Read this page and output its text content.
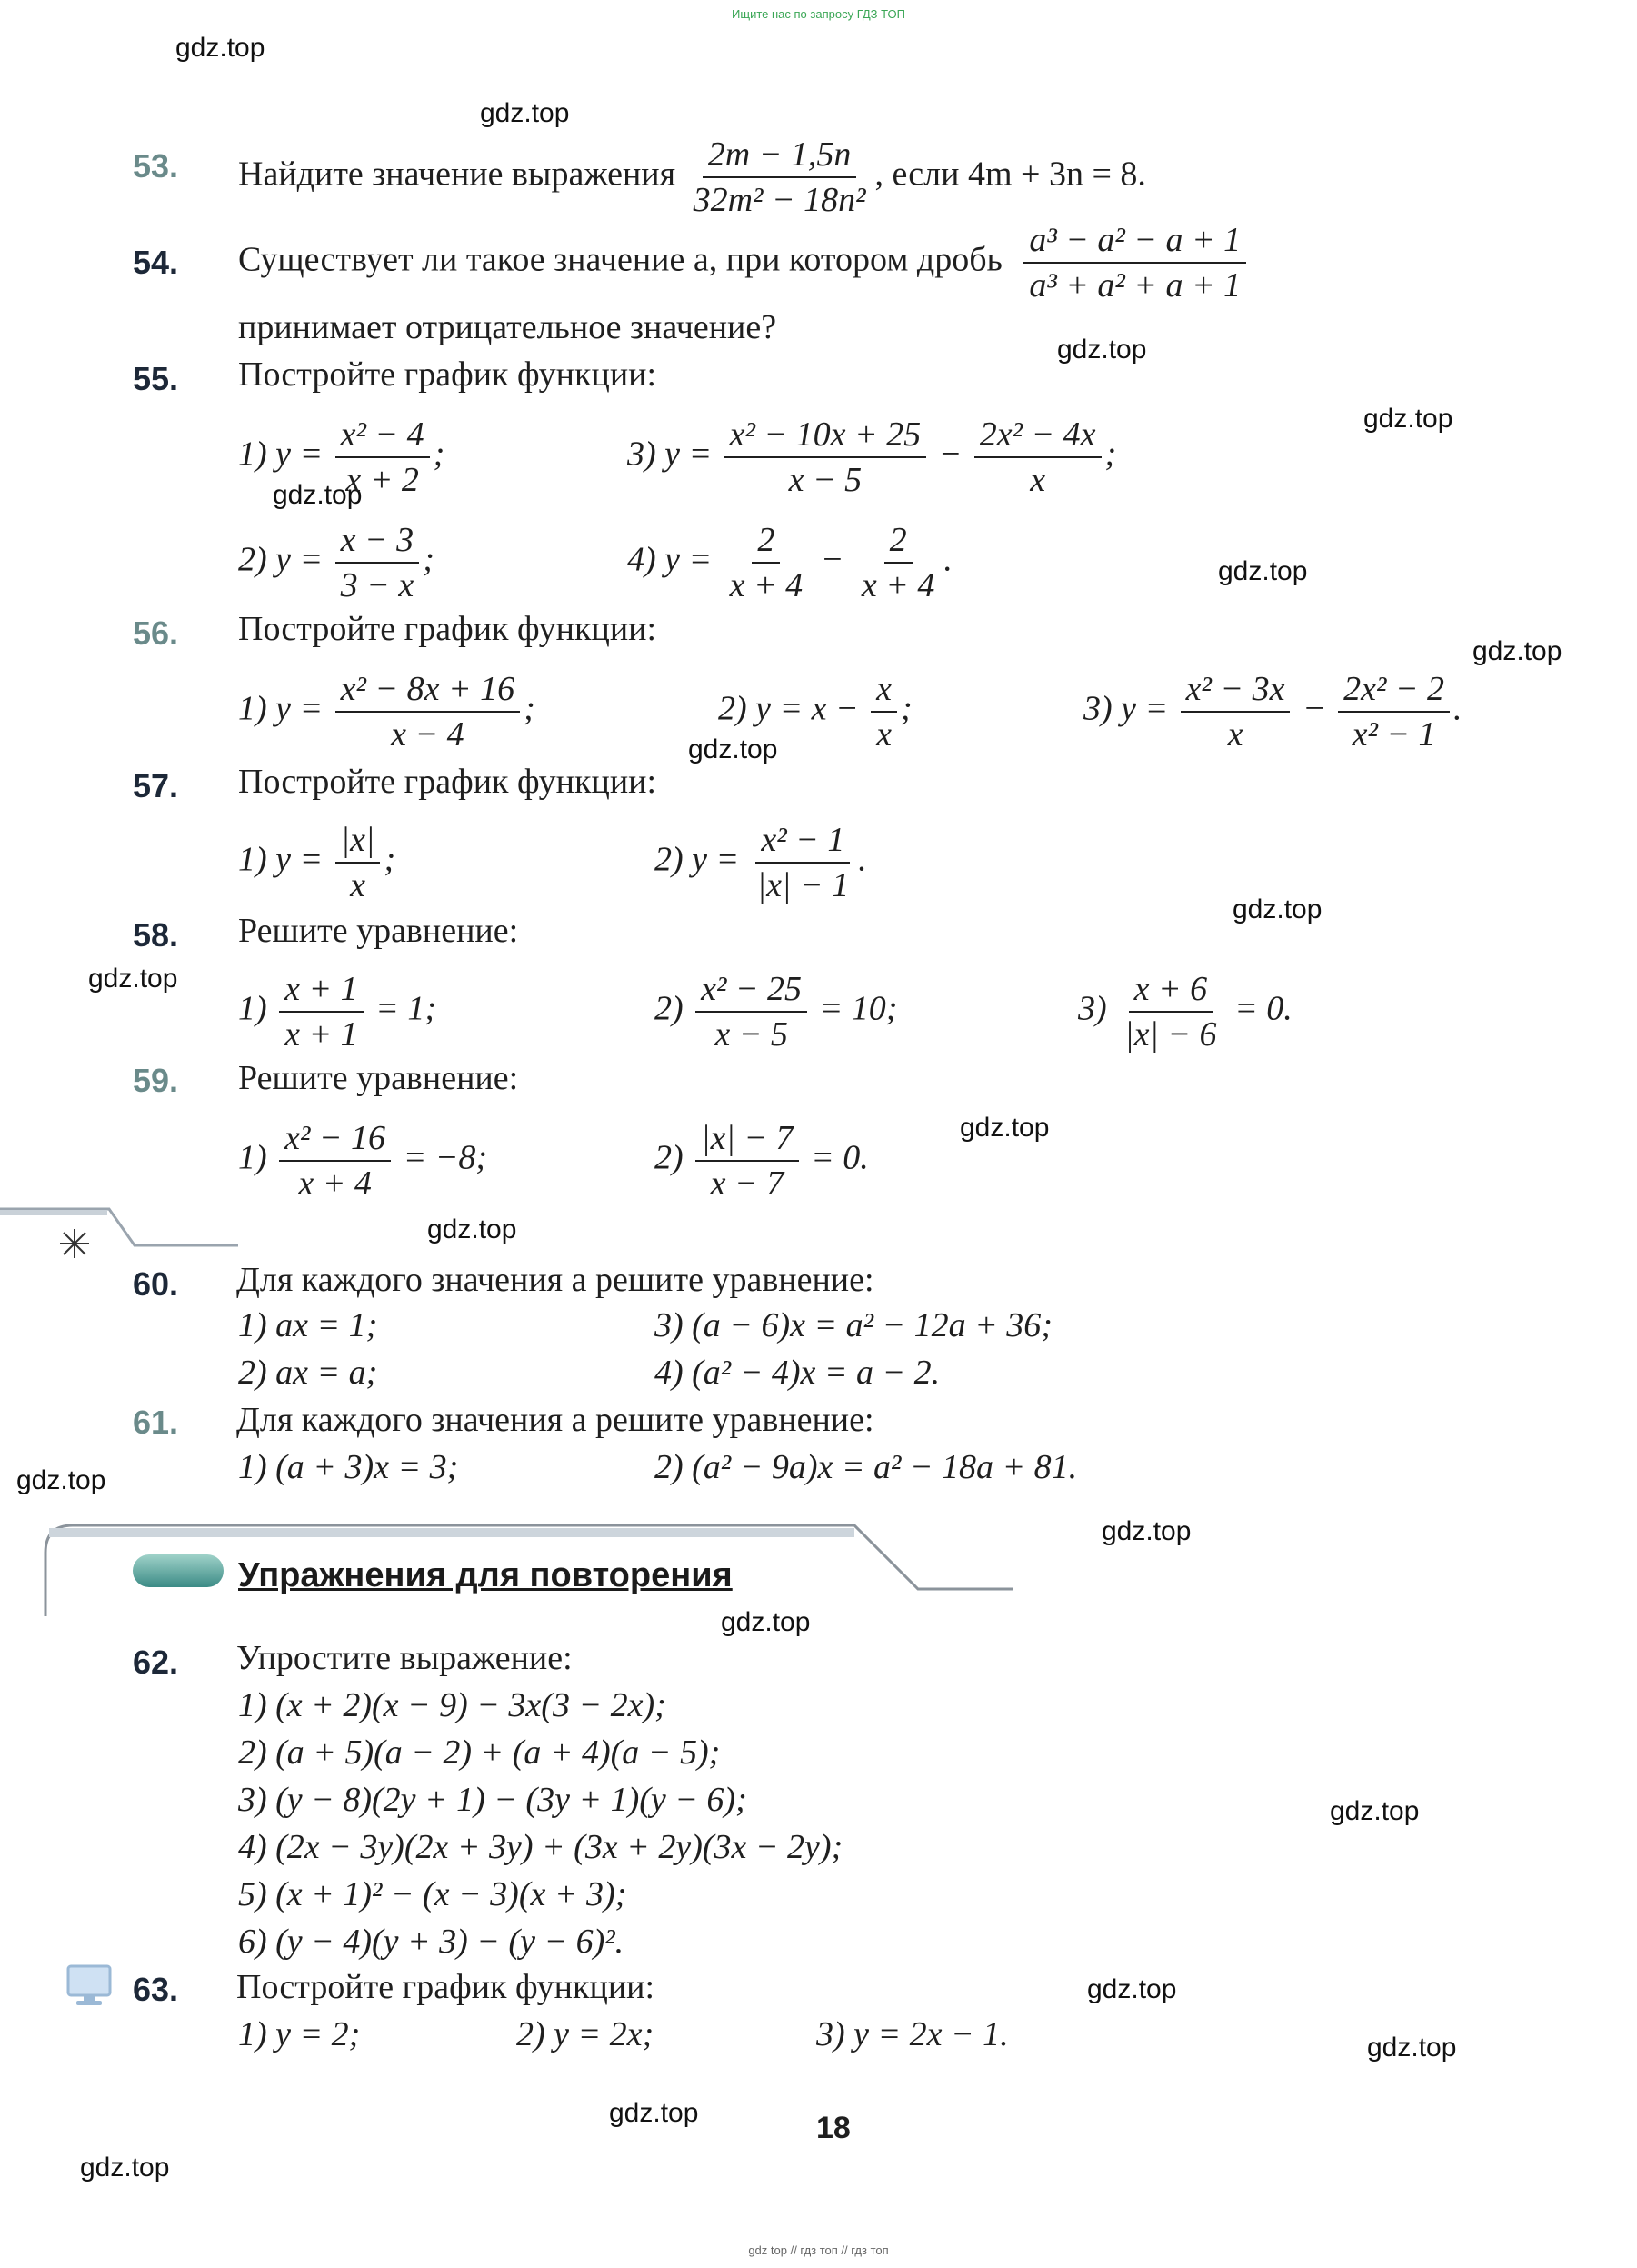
Ищите нас по запросу ГДЗ ТОП
gdz.top
gdz.top
gdz.top
gdz.top
gdz.top
gdz.top
gdz.top
gdz.top
gdz.top
gdz.top
gdz.top
gdz.top
gdz.top
gdz.top
gdz.top
gdz.top
gdz.top
gdz.top
gdz.top
gdz.top
53. Найдите значение выражения $\frac{2m - 1,5n}{\text{32m² − 18n²}}$ , если 4m + 3n = 8.
54. Существует ли такое значение a, при котором дробь $\frac{\text{a³ − a² − a + 1}}{\text{a³ + a² + a + 1}}$
принимает отрицательное значение?
55. Постройте график функции:
1) $y = \frac{\text{x² − 4}}{x + 2}$ ;	3) $y = \frac{\text{x² − 10x + 25}}{x - 5} - \frac{\text{2x² − 4x}}{x}$ ;
2) $y = \frac{x - 3}{3 - x}$ ;	4) $y = \frac{2}{x + 4} - \frac{2}{x + 4}$ .
56. Постройте график функции:
1) $y = \frac{\text{x² − 8x + 16}}{x - 4}$ ;	2) $y = x - \frac{x}{x}$ ;	3) $y = \frac{\text{x² − 3x}}{x} - \frac{\text{2x² − 2}}{\text{x² − 1}}$ .
57. Постройте график функции:
1) $y = \frac{|x|}{x}$ ;	2) $y = \frac{\text{x² − 1}}{|x| - 1}$ .
58. Решите уравнение:
$1) \frac{x + 1}{x + 1} = 1$;	$2) \frac{\text{x² − 25}}{x - 5} = 10$;	$3) \frac{x + 6}{|x| - 6} = 0$.
59. Решите уравнение:
$1) \frac{\text{x² − 16}}{x + 4} = -8$;	$2) \frac{|x| - 7}{x - 7} = 0$.
60. Для каждого значения a решите уравнение:
1) ax = 1;	3) (a − 6)x = a² − 12a + 36;
2) ax = a;	4) (a² − 4)x = a − 2.
61. Для каждого значения a решите уравнение:
1) (a + 3)x = 3;	2) (a² − 9a)x = a² − 18a + 81.
Упражнения для повторения
62. Упростите выражение:
1) (x + 2)(x − 9) − 3x(3 − 2x);
2) (a + 5)(a − 2) + (a + 4)(a − 5);
3) (y − 8)(2y + 1) − (3y + 1)(y − 6);
4) (2x − 3y)(2x + 3y) + (3x + 2y)(3x − 2y);
5) (x + 1)² − (x − 3)(x + 3);
6) (y − 4)(y + 3) − (y − 6)².
63. Постройте график функции:
1) y = 2;	2) y = 2x;	3) y = 2x − 1.
18
gdz top // гдз топ // гдз топ
